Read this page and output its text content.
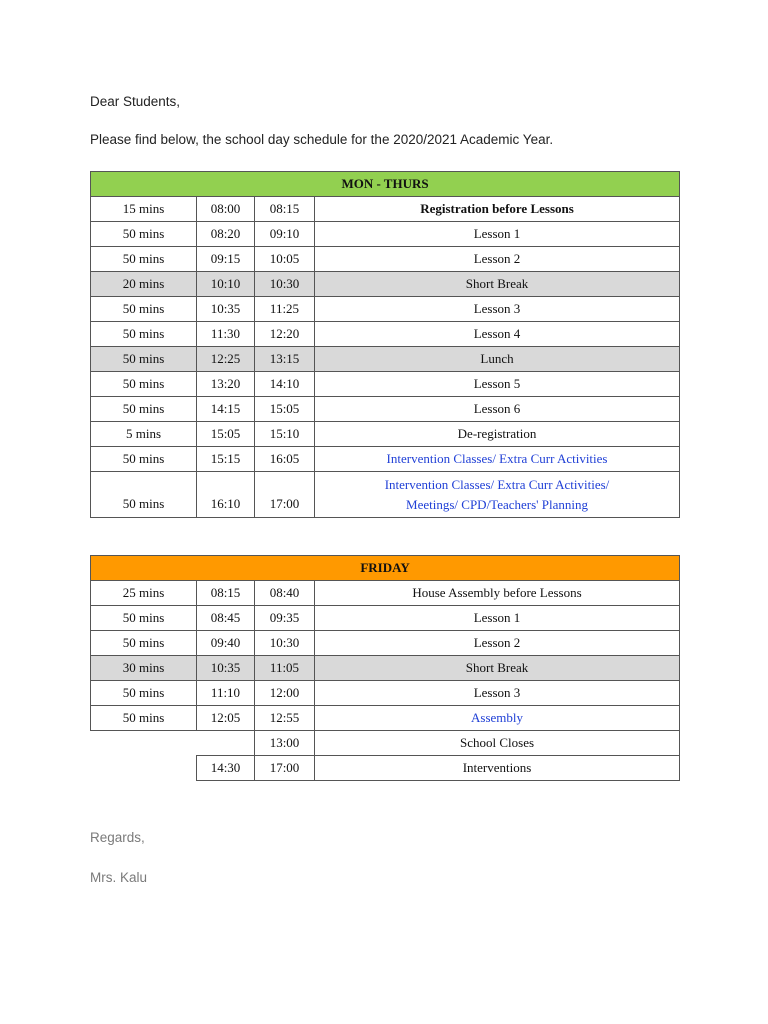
Dear Students,

Please find below, the school day schedule for the 2020/2021 Academic Year.

MON - THURS			
15 mins	08:00	08:15	Registration before Lessons
50 mins	08:20	09:10	Lesson 1
50 mins	09:15	10:05	Lesson 2
20 mins	10:10	10:30	Short Break
50 mins	10:35	11:25	Lesson 3
50 mins	11:30	12:20	Lesson 4
50 mins	12:25	13:15	Lunch
50 mins	13:20	14:10	Lesson 5
50 mins	14:15	15:05	Lesson 6
5 mins	15:05	15:10	De-registration
50 mins	15:15	16:05	Intervention Classes/ Extra Curr Activities
50 mins	16:10	17:00	Intervention Classes/ Extra Curr Activities/
Meetings/ CPD/Teachers' Planning
FRIDAY			
25 mins	08:15	08:40	House Assembly before Lessons
50 mins	08:45	09:35	Lesson 1
50 mins	09:40	10:30	Lesson 2
30 mins	10:35	11:05	Short Break
50 mins	11:10	12:00	Lesson 3
50 mins	12:05	12:55	Assembly
		13:00	School Closes
	14:30	17:00	Interventions

Regards,

Mrs. Kalu
